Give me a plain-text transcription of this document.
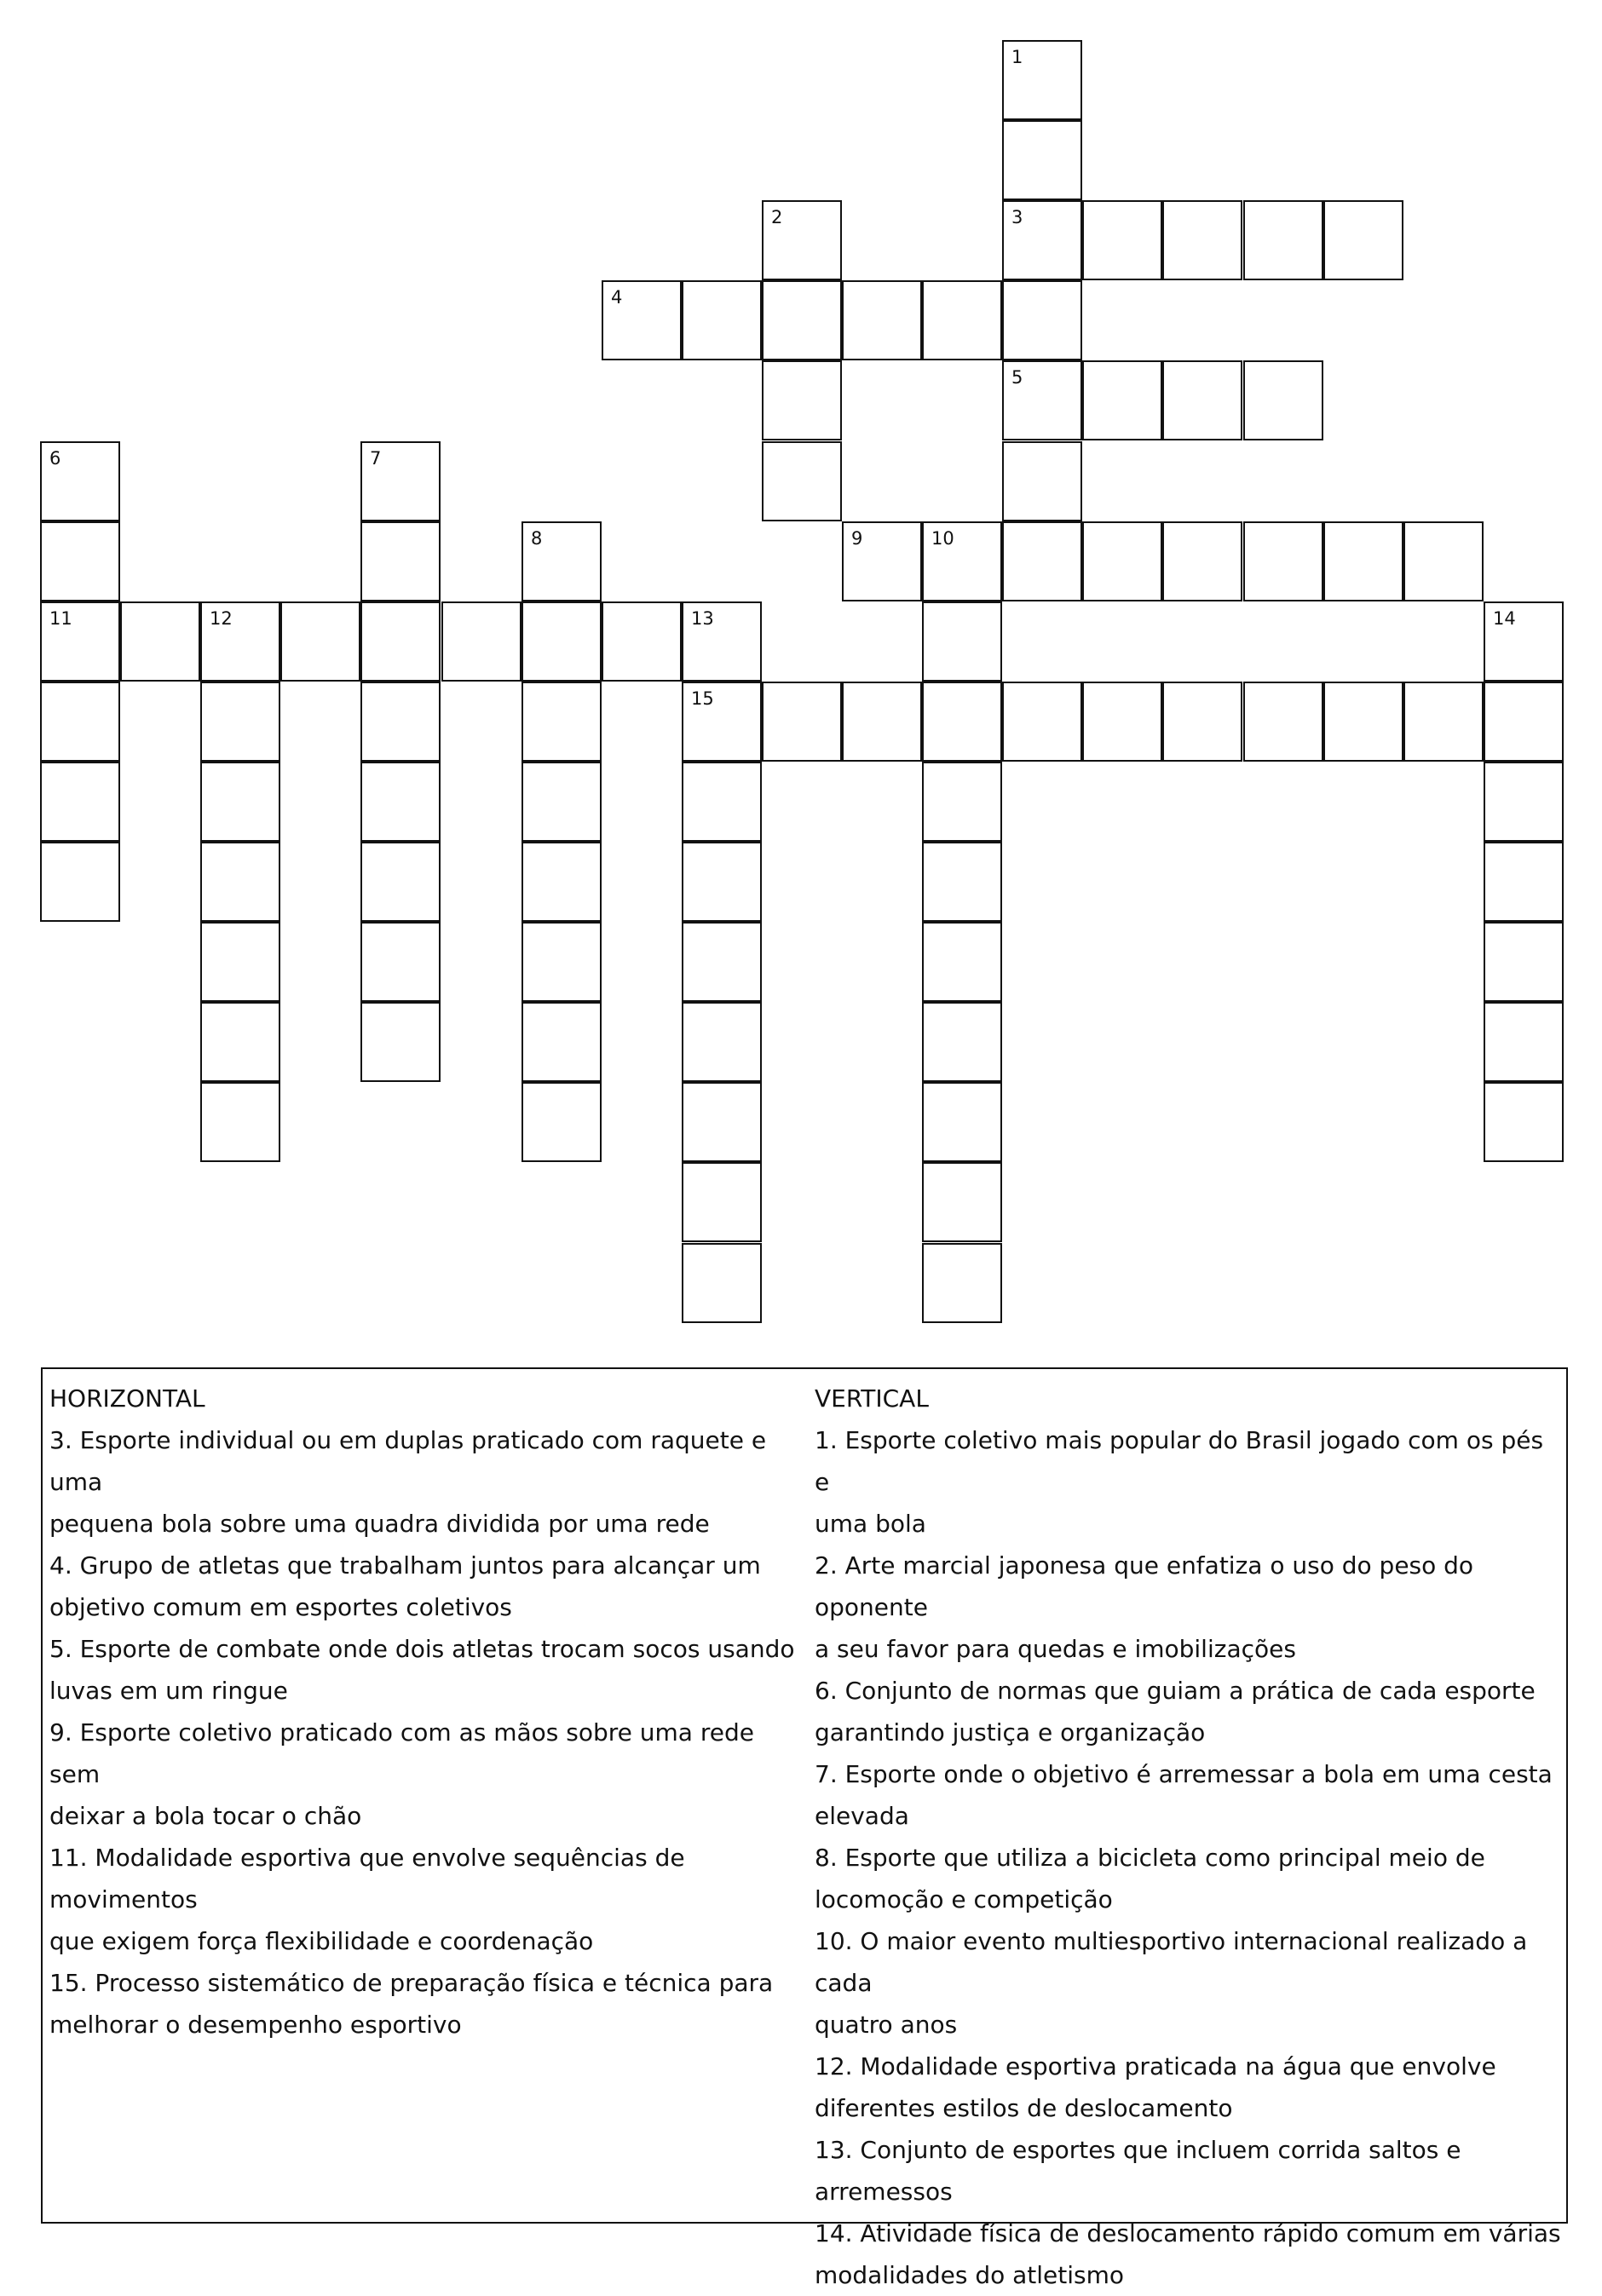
1
2	3
4
5
6	7
8	9	10
11	12	13	14
15
HORIZONTAL
3. Esporte individual ou em duplas praticado com raquete e uma
pequena bola sobre uma quadra dividida por uma rede
4. Grupo de atletas que trabalham juntos para alcançar um
objetivo comum em esportes coletivos
5. Esporte de combate onde dois atletas trocam socos usando
luvas em um ringue
9. Esporte coletivo praticado com as mãos sobre uma rede sem
deixar a bola tocar o chão
11. Modalidade esportiva que envolve sequências de movimentos
que exigem força flexibilidade e coordenação
15. Processo sistemático de preparação física e técnica para
melhorar o desempenho esportivo
VERTICAL
1. Esporte coletivo mais popular do Brasil jogado com os pés e
uma bola
2. Arte marcial japonesa que enfatiza o uso do peso do oponente
a seu favor para quedas e imobilizações
6. Conjunto de normas que guiam a prática de cada esporte
garantindo justiça e organização
7. Esporte onde o objetivo é arremessar a bola em uma cesta
elevada
8. Esporte que utiliza a bicicleta como principal meio de
locomoção e competição
10. O maior evento multiesportivo internacional realizado a cada
quatro anos
12. Modalidade esportiva praticada na água que envolve
diferentes estilos de deslocamento
13. Conjunto de esportes que incluem corrida saltos e
arremessos
14. Atividade física de deslocamento rápido comum em várias
modalidades do atletismo
